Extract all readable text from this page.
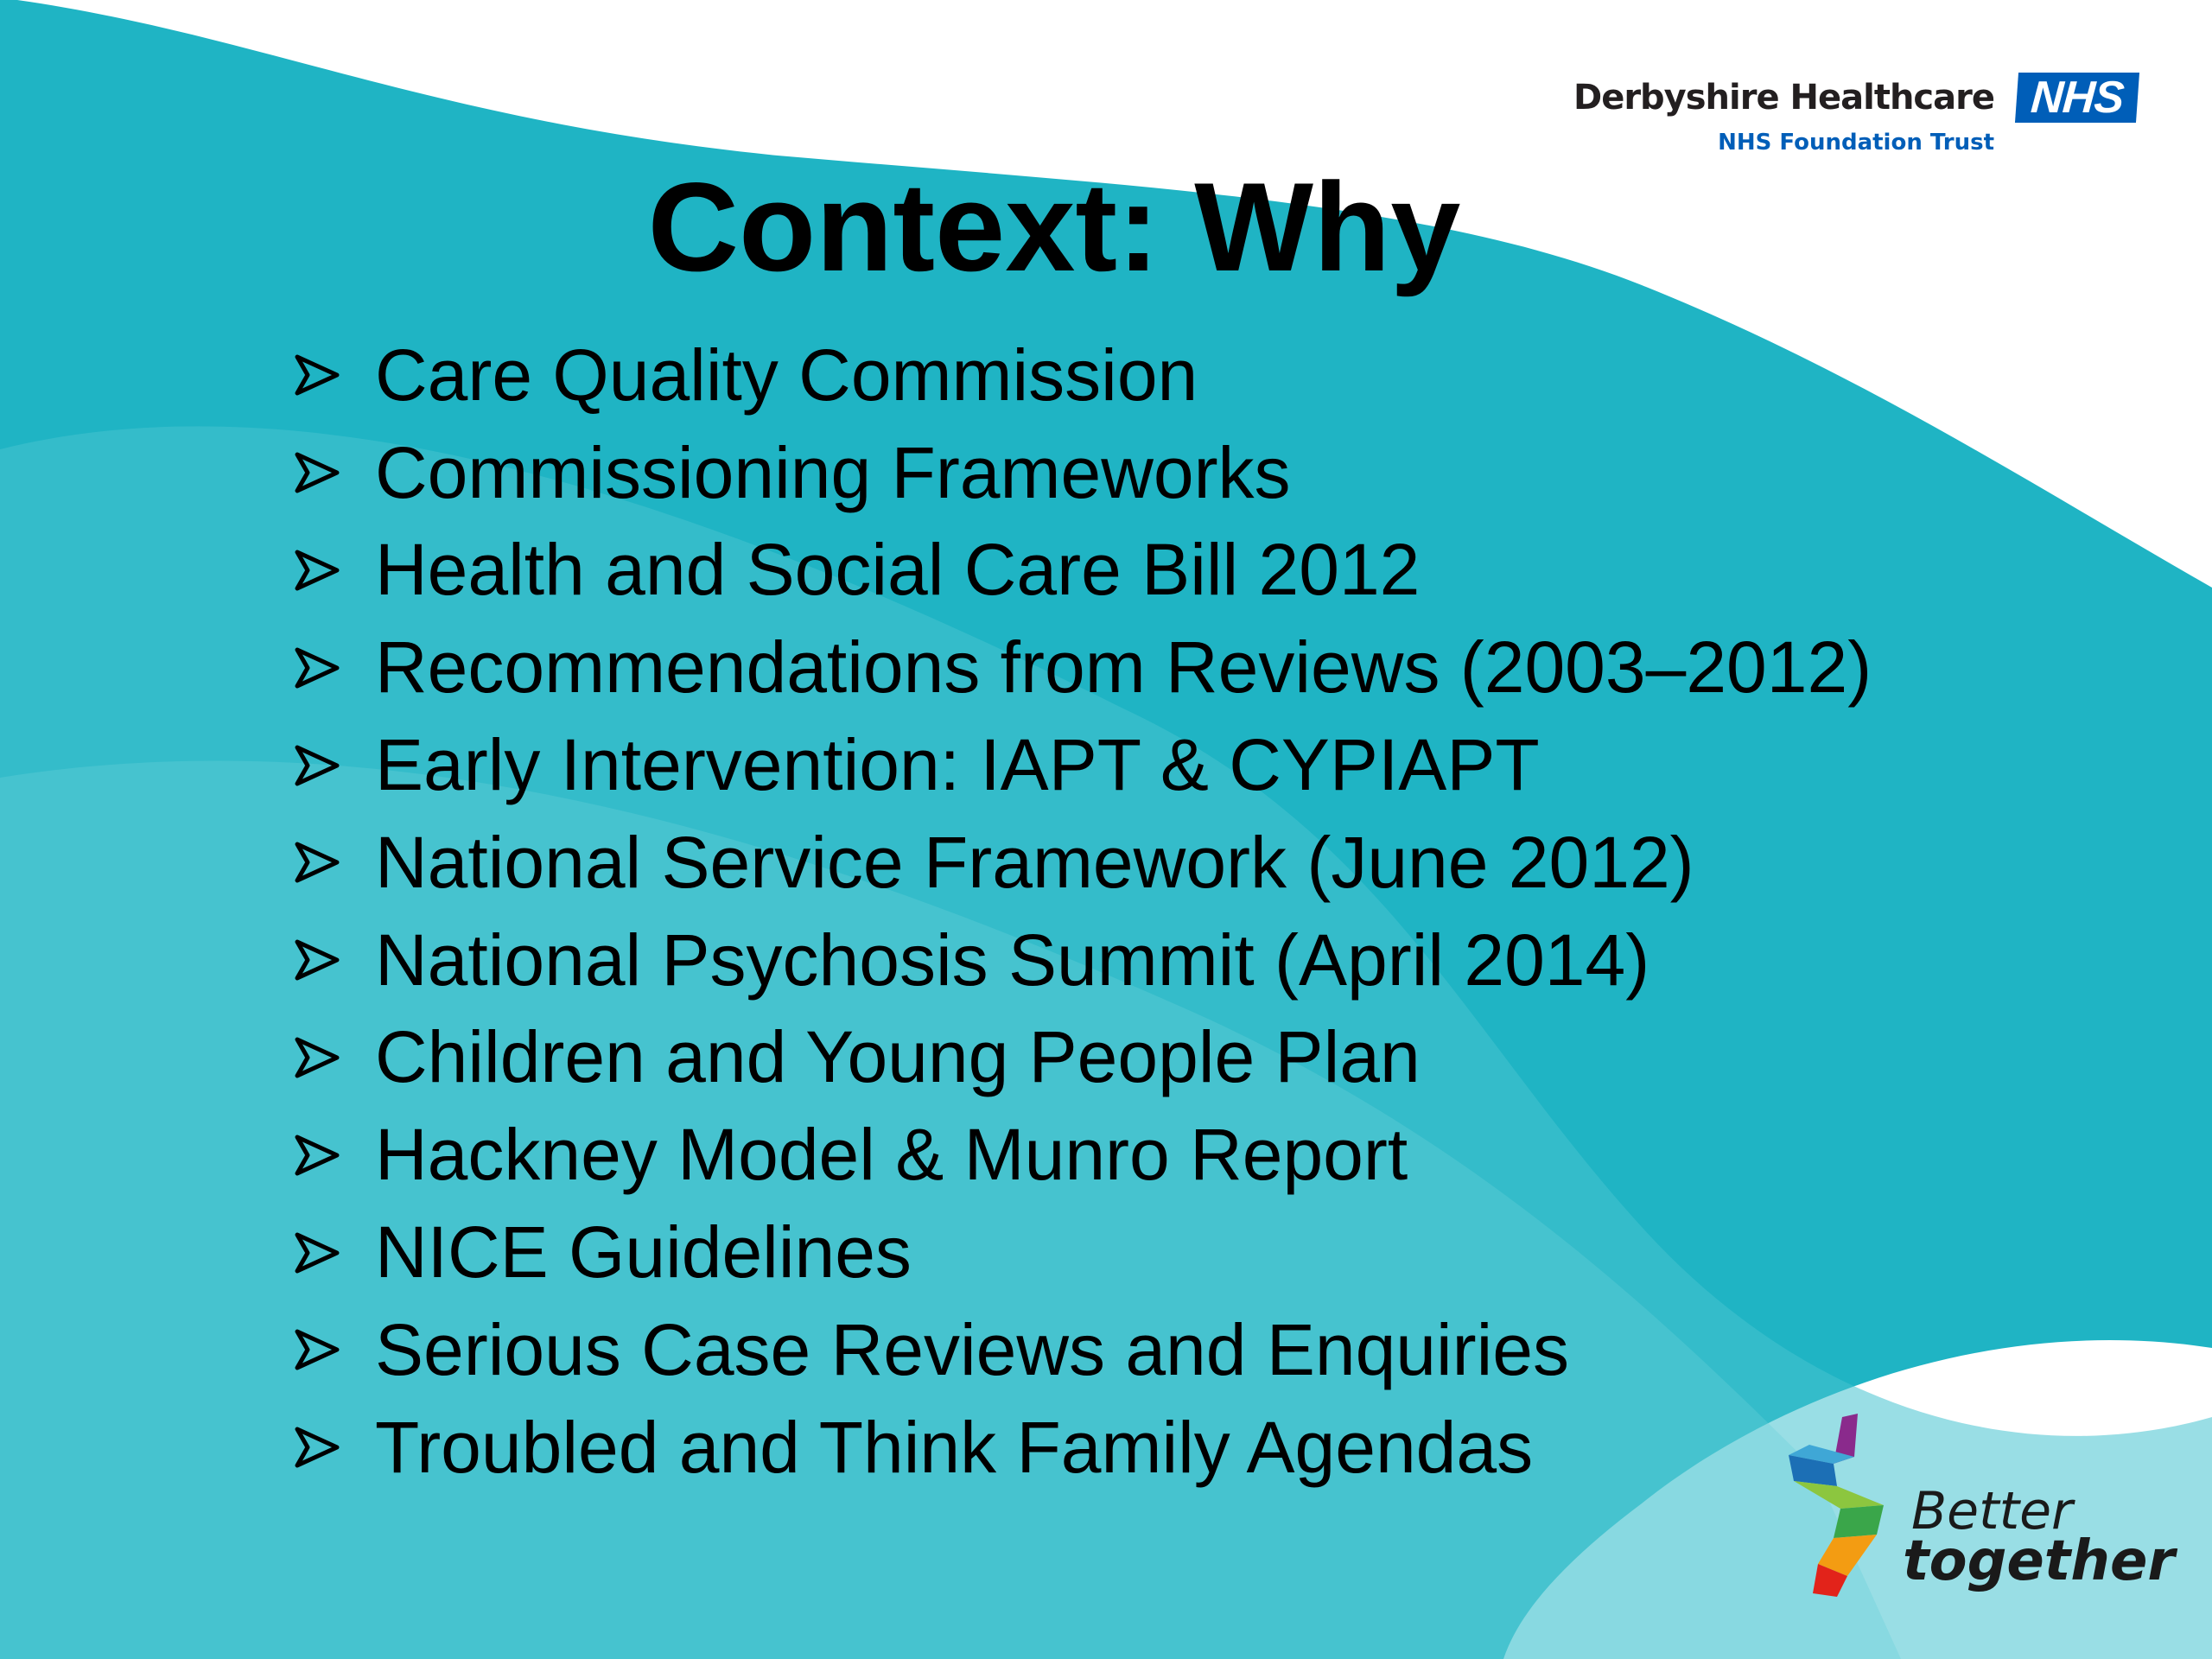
Derbyshire Healthcare
NHS Foundation Trust
NHS
Context: Why
Care Quality Commission
Commissioning Frameworks
Health and Social Care Bill 2012
Recommendations from Reviews (2003–2012)
Early Intervention: IAPT & CYPIAPT
National Service Framework (June 2012)
National Psychosis Summit (April 2014)
Children and Young People Plan
Hackney Model & Munro Report
NICE Guidelines
Serious Case Reviews and Enquiries
Troubled and Think Family Agendas
Better
together
